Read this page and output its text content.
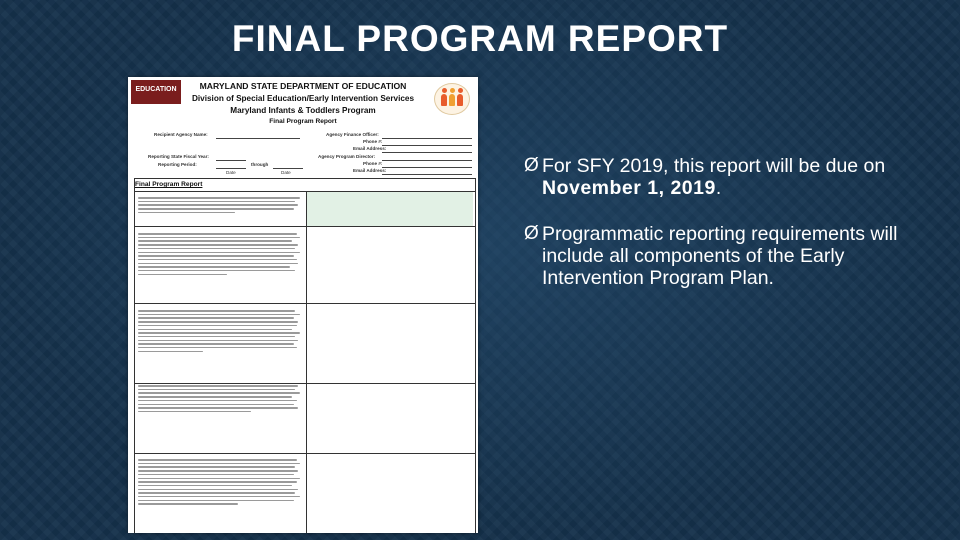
FINAL PROGRAM REPORT
EDUCATION	MARYLAND STATE DEPARTMENT OF EDUCATION
Division of Special Education/Early Intervention Services
Maryland Infants & Toddlers Program
Final Program Report
Recipient Agency Name:
Reporting State Fiscal Year:
Reporting Period:	through
Date	Date
Agency Finance Officer:
Phone #:
Email Address:
Agency Program Director:
Phone #:
Email Address:
Final Program Report
Ø For SFY 2019, this report will be due on November 1, 2019.
Ø Programmatic reporting requirements will include all components of the Early Intervention Program Plan.
